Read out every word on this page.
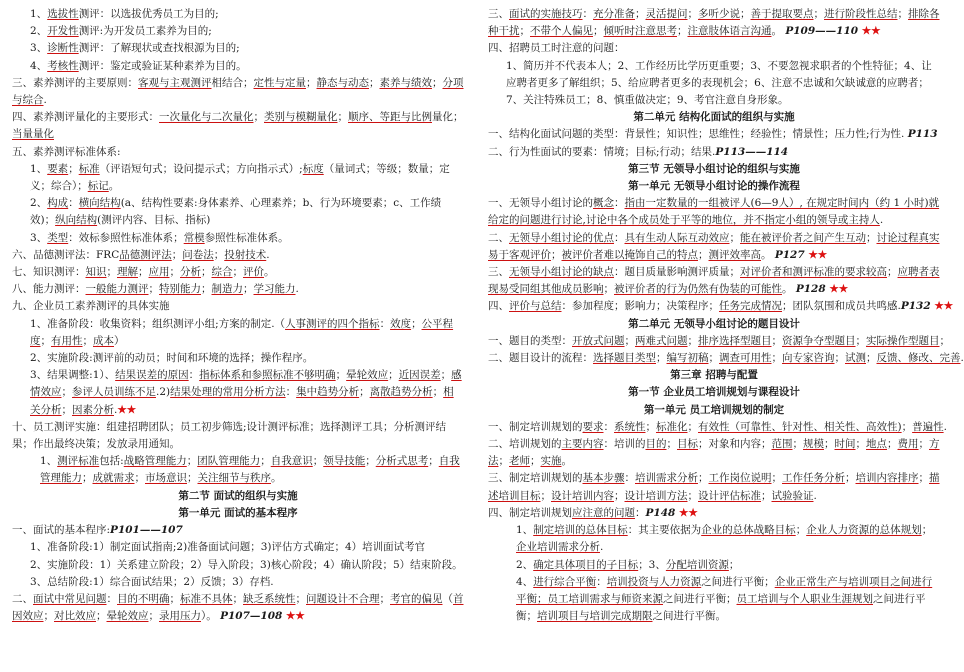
1、选拔性测评：以选拔优秀员工为目的;
2、开发性测评:为开发员工素养为目的;
3、诊断性测评：了解现状或查找根源为目的;
4、考核性测评：鉴定或验证某种素养为目的。
三、素养测评的主要原则：客观与主观测评相结合；定性与定量；静态与动态；素养与绩效；分项与综合.
四、素养测评量化的主要形式：一次量化与二次量化；类别与模糊量化；顺序、等距与比例量化；当量量化
五、素养测评标准体系:
1、要素；标准（评语短句式；设问提示式；方向指示式）;标度（量词式；等级；数量；定义；综合）；标记。
2、构成：横向结构(a、结构性要素:身体素养、心理素养；b、行为环境要素；c、工作绩效)；纵向结构(测评内容、目标、指标)
3、类型：效标参照性标准体系；常模参照性标准体系。
六、品德测评法：FRC品德测评法；问卷法；投射技术.
七、知识测评：知识；理解；应用；分析；综合；评价。
八、能力测评：一般能力测评；特别能力；制造力；学习能力.
九、企业员工素养测评的具体实施
1、准备阶段：收集资料；组织测评小组;方案的制定.（人事测评的四个指标：效度；公平程度；有用性；成本）
2、实施阶段:测评前的动员；时间和环境的选择；操作程序。
3、结果调整:1）、结果误差的原因：指标体系和参照标准不够明确；晕轮效应；近因误差；感情效应；参评人员训练不足.2)结果处理的常用分析方法：集中趋势分析；离散趋势分析；相关分析；因素分析.★★
十、员工测评实施：组建招聘团队；员工初步筛选;设计测评标准；选择测评工具；分析测评结果；作出最终决策；发放录用通知。
1、测评标准包括:战略管理能力；团队管理能力；自我意识；领导技能；分析式思考；自我管理能力；成就需求；市场意识；关注细节与秩序。
第二节 面试的组织与实施
第一单元 面试的基本程序
一、面试的基本程序:P101——107
1、准备阶段:1）制定面试指南;2)准备面试问题；3)评估方式确定；4）培训面试考官
2、实施阶段：1）关系建立阶段；2）导入阶段；3)核心阶段；4）确认阶段；5）结束阶段。
3、总结阶段:1）综合面试结果；2）反馈；3）存档.
二、面试中常见问题：目的不明确；标准不具体；缺乏系统性；问题设计不合理；考官的偏见（首因效应；对比效应；晕轮效应；录用压力）。 P107—108 ★★
三、面试的实施技巧：充分准备；灵活提问；多听少说；善于提取要点；进行阶段性总结；排除各种干扰；不带个人偏见；倾听时注意思考；注意肢体语言沟通。 P109——110 ★★
四、招聘员工时注意的问题：
1、简历并不代表本人；2、工作经历比学历更重要；3、不要忽视求职者的个性特征；4、让应聘者更多了解组织；5、给应聘者更多的表现机会；6、注意不忠诚和欠缺诚意的应聘者；7、关注特殊员工；8、慎重做决定；9、考官注意自身形象。
第二单元 结构化面试的组织与实施
一、结构化面试问题的类型：背景性；知识性；思维性；经验性；情景性；压力性;行为性. P113
二、行为性面试的要素：情境；目标;行动；结果.P113——114
第三节 无领导小组讨论的组织与实施
第一单元 无领导小组讨论的操作流程
一、无领导小组讨论的概念：指由一定数量的一组被评人(6—9人）, 在规定时间内（约 1 小时)就给定的问题进行讨论,讨论中各个成员处于平等的地位，并不指定小组的领导或主持人.
二、无领导小组讨论的优点：具有生动人际互动效应；能在被评价者之间产生互动；讨论过程真实易于客观评价；被评价者难以掩饰自己的特点；测评效率高。 P127 ★★
三、无领导小组讨论的缺点：题目质量影响测评质量；对评价者和测评标准的要求较高；应聘者表现易受同组其他成员影响；被评价者的行为仍然有伪装的可能性。 P128 ★★
四、评价与总结：参加程度；影响力；决策程序；任务完成情况；团队氛围和成员共鸣感.P132 ★★
第二单元 无领导小组讨论的题目设计
一、题目的类型：开放式问题；两难式问题；排序选择型题目；资源争夺型题目；实际操作型题目；
二、题目设计的流程：选择题目类型；编写初稿；调查可用性；向专家咨询；试测；反馈、修改、完善.
第三章 招聘与配置
第一节 企业员工培训规划与课程设计
第一单元 员工培训规划的制定
一、制定培训规划的要求：系统性；标准化；有效性（可靠性、针对性、相关性、高效性)；普遍性.
二、培训规划的主要内容：培训的目的；目标；对象和内容；范围；规模；时间；地点；费用；方法；老师；实施。
三、制定培训规划的基本步骤：培训需求分析；工作岗位说明；工作任务分析；培训内容排序；描述培训目标；设计培训内容；设计培训方法；设计评估标准；试验验证.
四、制定培训规划应注意的问题：P148 ★★
1、制定培训的总体目标：其主要依据为企业的总体战略目标；企业人力资源的总体规划；企业培训需求分析.
2、确定具体项目的子目标；3、分配培训资源；
4、进行综合平衡：培训投资与人力资源之间进行平衡；企业正常生产与培训项目之间进行平衡；员工培训需求与师资来源之间进行平衡；员工培训与个人职业生涯规划之间进行平衡；培训项目与培训完成期限之间进行平衡。
